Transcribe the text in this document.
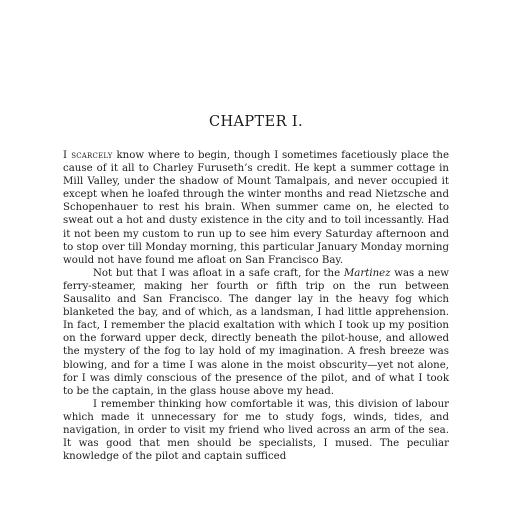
CHAPTER I.

I scarcely know where to begin, though I sometimes facetiously place the cause of it all to Charley Furuseth’s credit. He kept a summer cottage in Mill Valley, under the shadow of Mount Tamalpais, and never occupied it except when he loafed through the winter months and read Nietzsche and Schopenhauer to rest his brain. When summer came on, he elected to sweat out a hot and dusty existence in the city and to toil incessantly. Had it not been my custom to run up to see him every Saturday afternoon and to stop over till Monday morning, this particular January Monday morning would not have found me afloat on San Francisco Bay.

Not but that I was afloat in a safe craft, for the Martinez was a new ferry-steamer, making her fourth or fifth trip on the run between Sausalito and San Francisco. The danger lay in the heavy fog which blanketed the bay, and of which, as a landsman, I had little apprehension. In fact, I remember the placid exaltation with which I took up my position on the forward upper deck, directly beneath the pilot-house, and allowed the mystery of the fog to lay hold of my imagination. A fresh breeze was blowing, and for a time I was alone in the moist obscurity—yet not alone, for I was dimly conscious of the presence of the pilot, and of what I took to be the captain, in the glass house above my head.

I remember thinking how comfortable it was, this division of labour which made it unnecessary for me to study fogs, winds, tides, and navigation, in order to visit my friend who lived across an arm of the sea. It was good that men should be specialists, I mused. The peculiar knowledge of the pilot and captain sufficed
